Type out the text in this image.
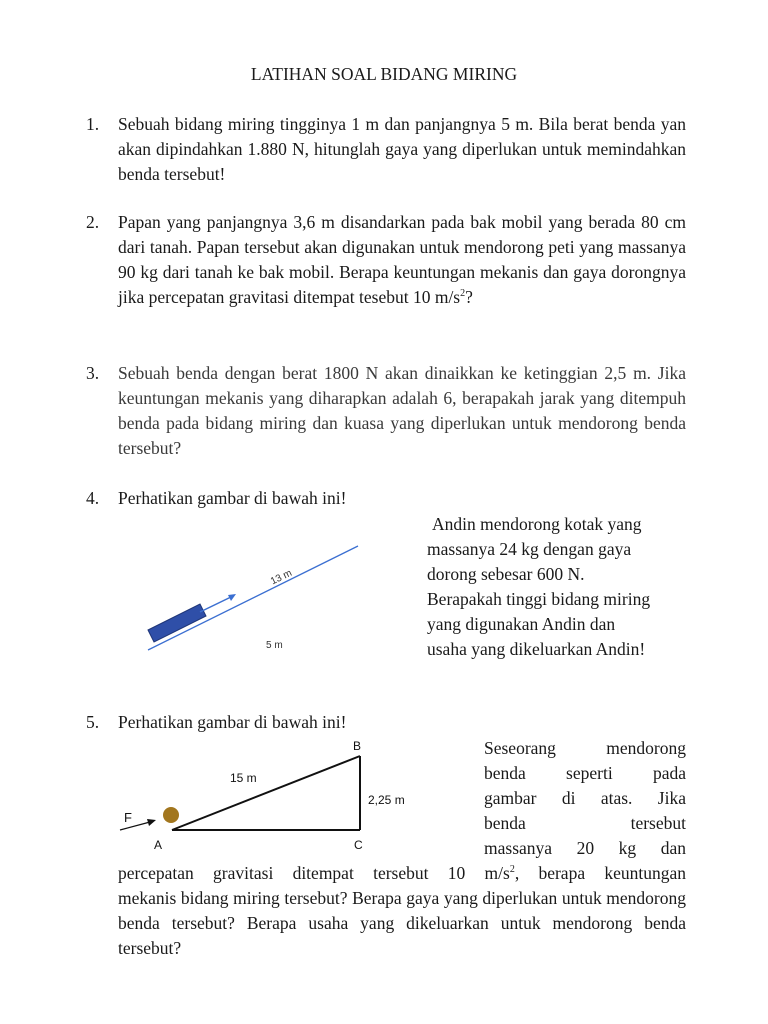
LATIHAN SOAL BIDANG MIRING
1. Sebuah bidang miring tingginya 1 m dan panjangnya 5 m. Bila berat benda yan akan dipindahkan 1.880 N, hitunglah gaya yang diperlukan untuk memindahkan benda tersebut!
2. Papan yang panjangnya 3,6 m disandarkan pada bak mobil yang berada 80 cm dari tanah. Papan tersebut akan digunakan untuk mendorong peti yang massanya 90 kg dari tanah ke bak mobil. Berapa keuntungan mekanis dan gaya dorongnya jika percepatan gravitasi ditempat tesebut 10 $m/s^2$?
3. Sebuah benda dengan berat 1800 N akan dinaikkan ke ketinggian 2,5 m. Jika keuntungan mekanis yang diharapkan adalah 6, berapakah jarak yang ditempuh benda pada bidang miring dan kuasa yang diperlukan untuk mendorong benda tersebut?
4. Perhatikan gambar di bawah ini!
Andin mendorong kotak yang
massanya 24 kg dengan gaya
dorong sebesar 600 N.
Berapakah tinggi bidang miring
yang digunakan Andin dan
usaha yang dikeluarkan Andin!
13 m
5 m
5. Perhatikan gambar di bawah ini!
Seseorang mendorong
benda seperti pada
gambar di atas. Jika
benda tersebut
massanya 20 kg dan
percepatan gravitasi ditempat tersebut 10 $m/s^2$, berapa keuntungan
mekanis bidang miring tersebut? Berapa gaya yang diperlukan untuk mendorong benda tersebut? Berapa usaha yang dikeluarkan untuk mendorong benda tersebut?
F
B
A	C
15 m
2,25 m
